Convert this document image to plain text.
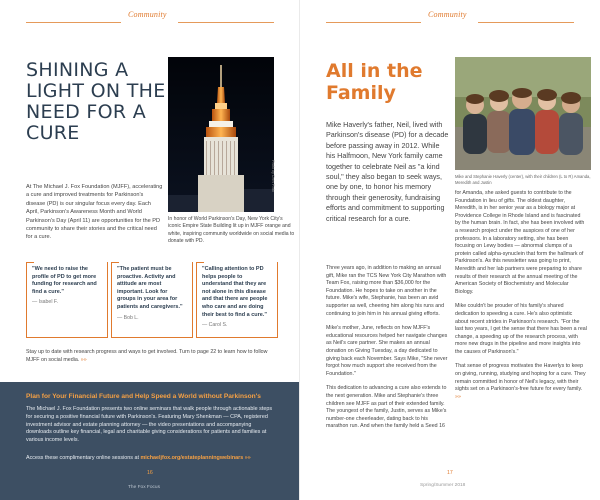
Community
SHINING A LIGHT ON THE NEED FOR A CURE

At The Michael J. Fox Foundation (MJFF), accelerating a cure and improved treatments for Parkinson's disease (PD) is our singular focus every day. Each April, Parkinson's Awareness Month and World Parkinson's Day (April 11) are opportunities for the PD community to share their stories and the critical need for a cure.

Photo by Chris Pinto

In honor of World Parkinson's Day, New York City's iconic Empire State Building lit up in MJFF orange and white, inspiring community worldwide on social media to donate with PD.

"We need to raise the profile of PD to get more funding for research and find a cure."
— Isabel F.
"The patient must be proactive. Activity and attitude are most important. Look for groups in your area for patients and caregivers."
— Bob L.
"Calling attention to PD helps people to understand that they are not alone in this disease and that there are people who care and are doing their best to find a cure."
— Carol S.

Stay up to date with research progress and ways to get involved. Turn to page 22 to learn how to follow MJFF on social media. »»

Plan for Your Financial Future and Help Speed a World without Parkinson's
The Michael J. Fox Foundation presents two online seminars that walk people through actionable steps for securing a positive financial future with Parkinson's. Featuring Mary Shenkman — CPA, registered investment advisor and estate planning attorney — the video presentations and accompanying downloads outline key financial, legal and charitable giving considerations for patients and families at various income levels.
Access these complimentary online sessions at michaeljfox.org/estateplanningwebinars »»
16
The Fox Focus
Community
All in the Family

Mike Haverly's father, Neil, lived with Parkinson's disease (PD) for a decade before passing away in 2012. While his Halfmoon, New York family came together to celebrate Neil as "a kind soul," they also began to seek ways, one by one, to honor his memory through their generosity, fundraising efforts and commitment to supporting critical research for a cure.

Three years ago, in addition to making an annual gift, Mike ran the TCS New York City Marathon with Team Fox, raising more than $36,000 for the Foundation. He hopes to take on another in the future. Mike's wife, Stephanie, has been an avid supporter as well, cheering him along his runs and continuing to join him in his annual giving efforts.

Mike's mother, June, reflects on how MJFF's educational resources helped her navigate changes as Neil's care partner. She makes an annual donation on Giving Tuesday, a day dedicated to giving back each November. Says Mike, "She never forgot how much support she received from the Foundation."

This dedication to advancing a cure also extends to the next generation. Mike and Stephanie's three children see MJFF as part of their extended family. The youngest of the family, Justin, serves as Mike's number-one cheerleader, dating back to his marathon run. And when the family held a Seed 16

Mike and Stephanie Haverly (center), with their children (L to R) Amanda, Meredith and Justin

for Amanda, she asked guests to contribute to the Foundation in lieu of gifts. The oldest daughter, Meredith, is in her senior year as a biology major at Providence College in Rhode Island and is fascinated by the human brain. In fact, she has been involved with a research project under the auspices of one of her professors. In a laboratory setting, she has been focusing on Lewy bodies — abnormal clumps of a protein called alpha-synuclein that form the hallmark of Parkinson's. As this newsletter was going to print, Meredith and her lab partners were preparing to share results of their research at the annual meeting of the American Society of Biochemistry and Molecular Biology.

Mike couldn't be prouder of his family's shared dedication to speeding a cure. He's also optimistic about recent strides in Parkinson's research. "For the last two years, I get the sense that there has been a real change, a speeding up of the research process, with more new drugs in the pipeline and more insights into the causes of Parkinson's."

That sense of progress motivates the Haverlys to keep on giving, running, studying and hoping for a cure. They remain committed in honor of Neil's legacy, with their sights set on a Parkinson's-free future for every family. »»

17
Spring/Summer 2018
